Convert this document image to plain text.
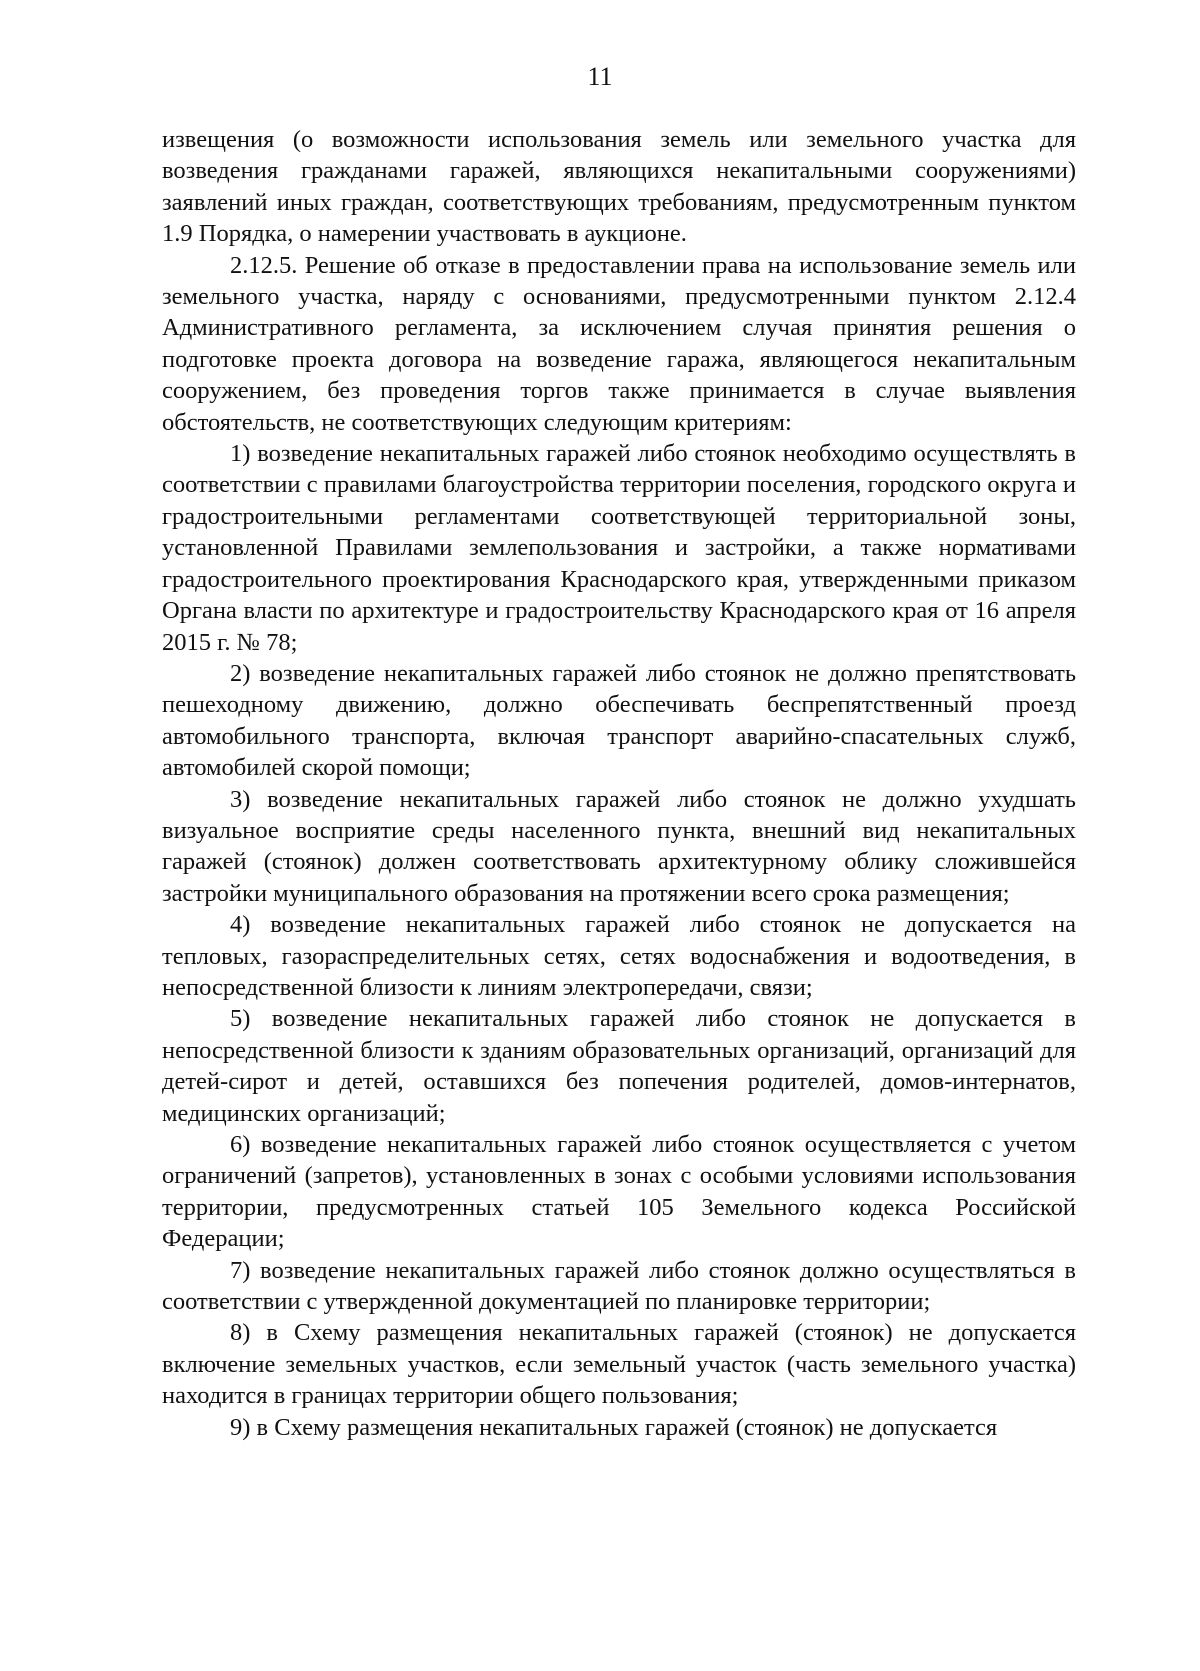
11

извещения (о возможности использования земель или земельного участка для возведения гражданами гаражей, являющихся некапитальными сооружениями) заявлений иных граждан, соответствующих требованиям, предусмотренным пунктом 1.9 Порядка, о намерении участвовать в аукционе.

2.12.5. Решение об отказе в предоставлении права на использование земель или земельного участка, наряду с основаниями, предусмотренными пунктом 2.12.4 Административного регламента, за исключением случая принятия решения о подготовке проекта договора на возведение гаража, являющегося некапитальным сооружением, без проведения торгов также принимается в случае выявления обстоятельств, не соответствующих следующим критериям:

1) возведение некапитальных гаражей либо стоянок необходимо осуществлять в соответствии с правилами благоустройства территории поселения, городского округа и градостроительными регламентами соответствующей территориальной зоны, установленной Правилами землепользования и застройки, а также нормативами градостроительного проектирования Краснодарского края, утвержденными приказом Органа власти по архитектуре и градостроительству Краснодарского края от 16 апреля 2015 г. № 78;

2) возведение некапитальных гаражей либо стоянок не должно препятствовать пешеходному движению, должно обеспечивать беспрепятственный проезд автомобильного транспорта, включая транспорт аварийно-спасательных служб, автомобилей скорой помощи;

3) возведение некапитальных гаражей либо стоянок не должно ухудшать визуальное восприятие среды населенного пункта, внешний вид некапитальных гаражей (стоянок) должен соответствовать архитектурному облику сложившейся застройки муниципального образования на протяжении всего срока размещения;

4) возведение некапитальных гаражей либо стоянок не допускается на тепловых, газораспределительных сетях, сетях водоснабжения и водоотведения, в непосредственной близости к линиям электропередачи, связи;

5) возведение некапитальных гаражей либо стоянок не допускается в непосредственной близости к зданиям образовательных организаций, организаций для детей-сирот и детей, оставшихся без попечения родителей, домов-интернатов, медицинских организаций;

6) возведение некапитальных гаражей либо стоянок осуществляется с учетом ограничений (запретов), установленных в зонах с особыми условиями использования территории, предусмотренных статьей 105 Земельного кодекса Российской Федерации;

7) возведение некапитальных гаражей либо стоянок должно осуществляться в соответствии с утвержденной документацией по планировке территории;

8) в Схему размещения некапитальных гаражей (стоянок) не допускается включение земельных участков, если земельный участок (часть земельного участка) находится в границах территории общего пользования;

9) в Схему размещения некапитальных гаражей (стоянок) не допускается
